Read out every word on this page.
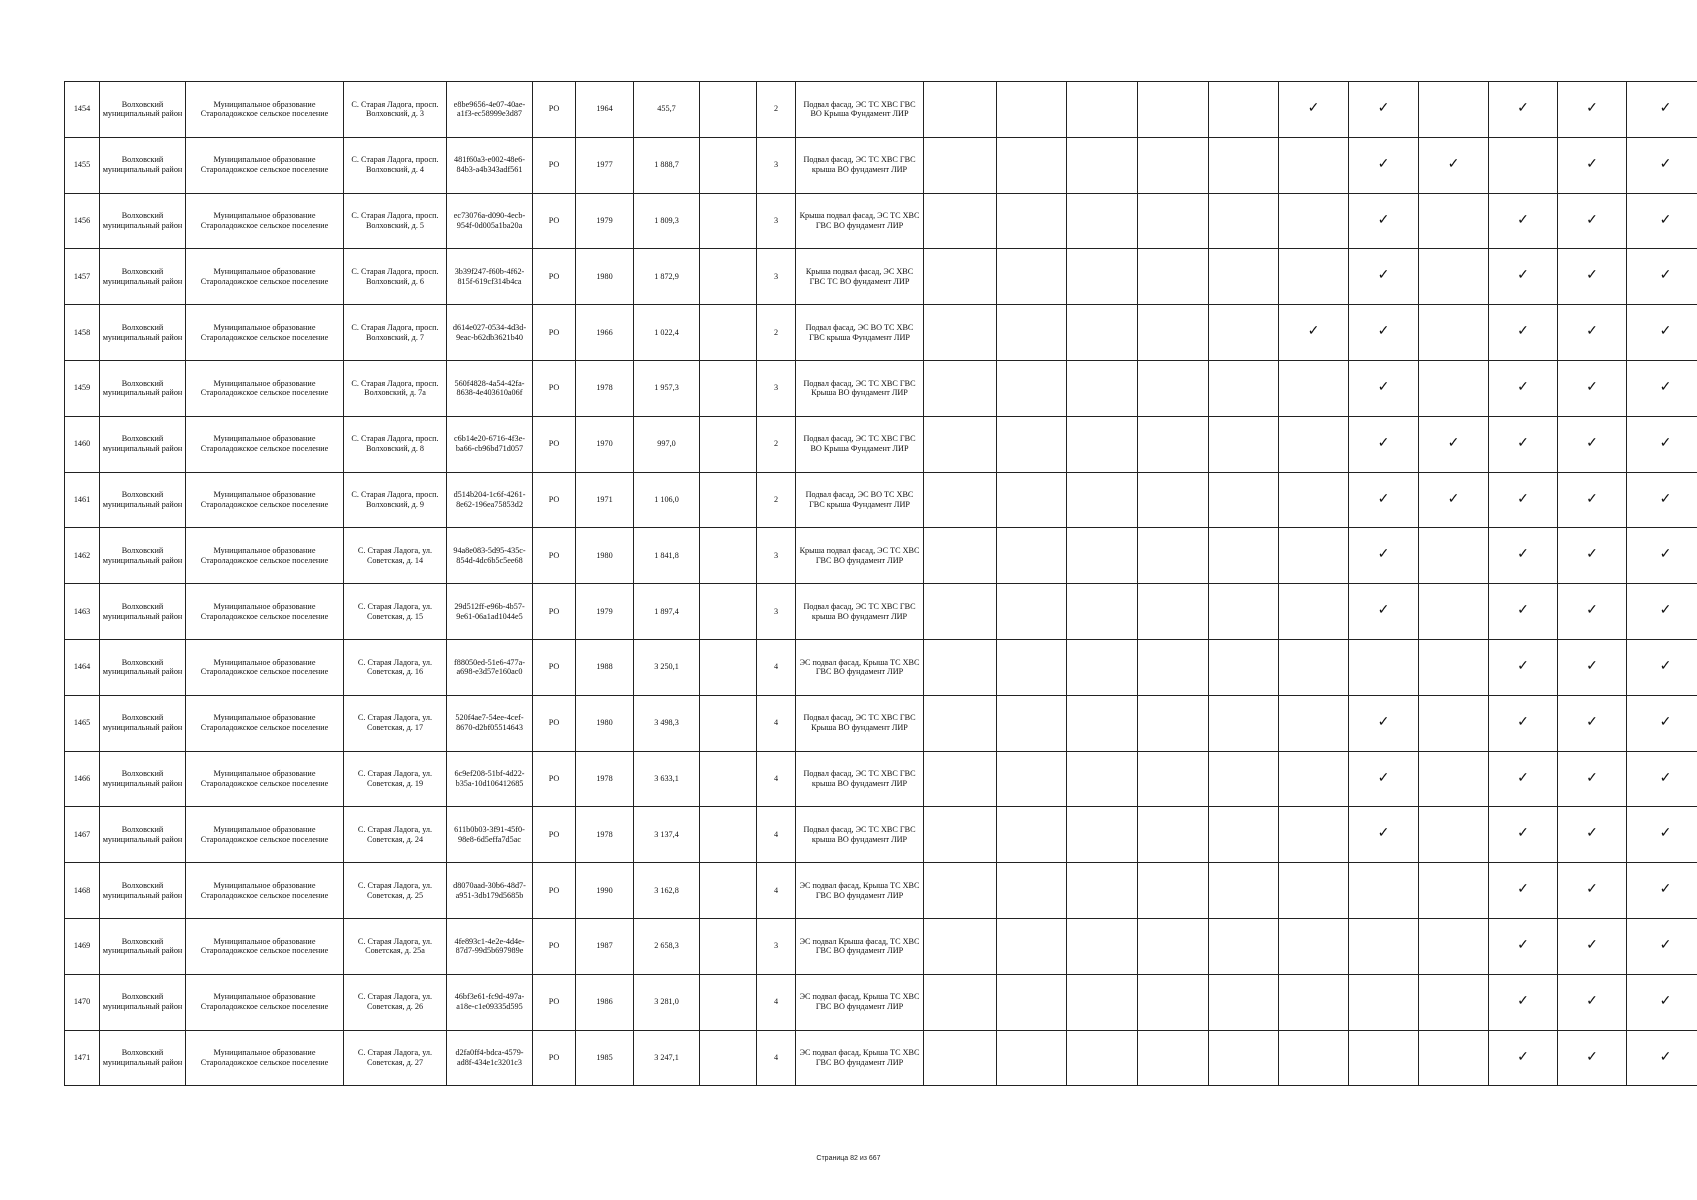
1454	Волховский муниципальный район	Муниципальное образование Староладожское сельское поселение	С. Старая Ладога, просп. Волховский, д. 3	e8be9656-4e07-40ae-a1f3-ec58999e3d87	РО	1964	455,7		2	Подвал фасад, ЭС ТС ХВС ГВС ВО Крыша Фундамент ЛИР						✓	✓		✓	✓	✓
1455	Волховский муниципальный район	Муниципальное образование Староладожское сельское поселение	С. Старая Ладога, просп. Волховский, д. 4	481f60a3-e002-48e6-84b3-a4b343adf561	РО	1977	1 888,7		3	Подвал фасад, ЭС ТС ХВС ГВС крыша ВО фундамент ЛИР							✓	✓		✓	✓
1456	Волховский муниципальный район	Муниципальное образование Староладожское сельское поселение	С. Старая Ладога, просп. Волховский, д. 5	ec73076a-d090-4ecb-954f-0d005a1ba20a	РО	1979	1 809,3		3	Крыша подвал фасад, ЭС ТС ХВС ГВС ВО фундамент ЛИР							✓		✓	✓	✓
1457	Волховский муниципальный район	Муниципальное образование Староладожское сельское поселение	С. Старая Ладога, просп. Волховский, д. 6	3b39f247-f60b-4f62-815f-619cf314b4ca	РО	1980	1 872,9		3	Крыша подвал фасад, ЭС ХВС ГВС ТС ВО фундамент ЛИР							✓		✓	✓	✓
1458	Волховский муниципальный район	Муниципальное образование Староладожское сельское поселение	С. Старая Ладога, просп. Волховский, д. 7	d614e027-0534-4d3d-9eac-b62db3621b40	РО	1966	1 022,4		2	Подвал фасад, ЭС ВО ТС ХВС ГВС крыша Фундамент ЛИР						✓	✓		✓	✓	✓
1459	Волховский муниципальный район	Муниципальное образование Староладожское сельское поселение	С. Старая Ладога, просп. Волховский, д. 7а	560f4828-4a54-42fa-8638-4e403610a06f	РО	1978	1 957,3		3	Подвал фасад, ЭС ТС ХВС ГВС Крыша ВО фундамент ЛИР							✓		✓	✓	✓
1460	Волховский муниципальный район	Муниципальное образование Староладожское сельское поселение	С. Старая Ладога, просп. Волховский, д. 8	c6b14e20-6716-4f3e-ba66-cb96bd71d057	РО	1970	997,0		2	Подвал фасад, ЭС ТС ХВС ГВС ВО Крыша Фундамент ЛИР							✓	✓	✓	✓	✓
1461	Волховский муниципальный район	Муниципальное образование Староладожское сельское поселение	С. Старая Ладога, просп. Волховский, д. 9	d514b204-1c6f-4261-8e62-196ea75853d2	РО	1971	1 106,0		2	Подвал фасад, ЭС ВО ТС ХВС ГВС крыша Фундамент ЛИР							✓	✓	✓	✓	✓
1462	Волховский муниципальный район	Муниципальное образование Староладожское сельское поселение	С. Старая Ладога, ул. Советская, д. 14	94a8e083-5d95-435c-854d-4dc6b5c5ee68	РО	1980	1 841,8		3	Крыша подвал фасад, ЭС ТС ХВС ГВС ВО фундамент ЛИР							✓		✓	✓	✓
1463	Волховский муниципальный район	Муниципальное образование Староладожское сельское поселение	С. Старая Ладога, ул. Советская, д. 15	29d512ff-e96b-4b57-9e61-06a1ad1044e5	РО	1979	1 897,4		3	Подвал фасад, ЭС ТС ХВС ГВС крыша ВО фундамент ЛИР							✓		✓	✓	✓
1464	Волховский муниципальный район	Муниципальное образование Староладожское сельское поселение	С. Старая Ладога, ул. Советская, д. 16	f88050ed-51e6-477a-a698-e3d57e160ac0	РО	1988	3 250,1		4	ЭС подвал фасад, Крыша ТС ХВС ГВС ВО фундамент ЛИР									✓	✓	✓
1465	Волховский муниципальный район	Муниципальное образование Староладожское сельское поселение	С. Старая Ладога, ул. Советская, д. 17	520f4ae7-54ee-4cef-8670-d2bf05514643	РО	1980	3 498,3		4	Подвал фасад, ЭС ТС ХВС ГВС Крыша ВО фундамент ЛИР							✓		✓	✓	✓
1466	Волховский муниципальный район	Муниципальное образование Староладожское сельское поселение	С. Старая Ладога, ул. Советская, д. 19	6c9ef208-51bf-4d22-b35a-10d106412685	РО	1978	3 633,1		4	Подвал фасад, ЭС ТС ХВС ГВС крыша ВО фундамент ЛИР							✓		✓	✓	✓
1467	Волховский муниципальный район	Муниципальное образование Староладожское сельское поселение	С. Старая Ладога, ул. Советская, д. 24	611b0b03-3f91-45f0-98e8-6d5effa7d5ac	РО	1978	3 137,4		4	Подвал фасад, ЭС ТС ХВС ГВС крыша ВО фундамент ЛИР							✓		✓	✓	✓
1468	Волховский муниципальный район	Муниципальное образование Староладожское сельское поселение	С. Старая Ладога, ул. Советская, д. 25	d8070aad-30b6-48d7-a951-3db179d5685b	РО	1990	3 162,8		4	ЭС подвал фасад, Крыша ТС ХВС ГВС ВО фундамент ЛИР									✓	✓	✓
1469	Волховский муниципальный район	Муниципальное образование Староладожское сельское поселение	С. Старая Ладога, ул. Советская, д. 25а	4fe893c1-4e2e-4d4e-87d7-99d5b697989e	РО	1987	2 658,3		3	ЭС подвал Крыша фасад, ТС ХВС ГВС ВО фундамент ЛИР									✓	✓	✓
1470	Волховский муниципальный район	Муниципальное образование Староладожское сельское поселение	С. Старая Ладога, ул. Советская, д. 26	46bf3e61-fc9d-497a-a18e-c1e09335d595	РО	1986	3 281,0		4	ЭС подвал фасад, Крыша ТС ХВС ГВС ВО фундамент ЛИР									✓	✓	✓
1471	Волховский муниципальный район	Муниципальное образование Староладожское сельское поселение	С. Старая Ладога, ул. Советская, д. 27	d2fa0ff4-bdca-4579-ad8f-434e1c3201c3	РО	1985	3 247,1		4	ЭС подвал фасад, Крыша ТС ХВС ГВС ВО фундамент ЛИР									✓	✓	✓
Страница 82 из 667
